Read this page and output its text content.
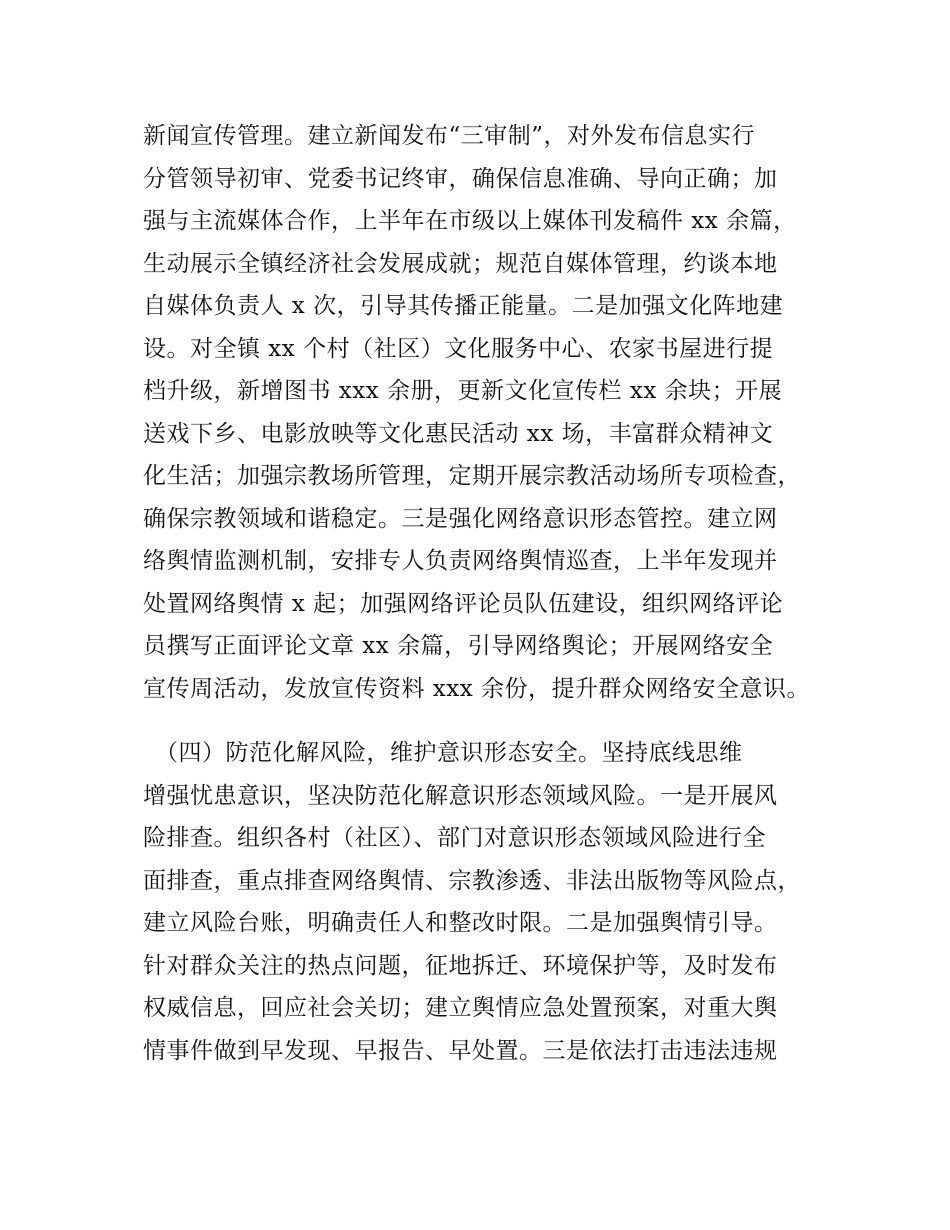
新闻宣传管理。建立新闻发布“三审制”，对外发布信息实行
分管领导初审、党委书记终审，确保信息准确、导向正确；加
强与主流媒体合作，上半年在市级以上媒体刊发稿件 xx 余篇，
生动展示全镇经济社会发展成就；规范自媒体管理，约谈本地
自媒体负责人 x 次，引导其传播正能量。二是加强文化阵地建
设。对全镇 xx 个村（社区）文化服务中心、农家书屋进行提
档升级，新增图书 xxx 余册，更新文化宣传栏 xx 余块；开展
送戏下乡、电影放映等文化惠民活动 xx 场，丰富群众精神文
化生活；加强宗教场所管理，定期开展宗教活动场所专项检查，
确保宗教领域和谐稳定。三是强化网络意识形态管控。建立网
络舆情监测机制，安排专人负责网络舆情巡查，上半年发现并
处置网络舆情 x 起；加强网络评论员队伍建设，组织网络评论
员撰写正面评论文章 xx 余篇，引导网络舆论；开展网络安全
宣传周活动，发放宣传资料 xxx 余份，提升群众网络安全意识。
　（四）防范化解风险，维护意识形态安全。坚持底线思维
增强忧患意识，坚决防范化解意识形态领域风险。一是开展风
险排查。组织各村（社区）、部门对意识形态领域风险进行全
面排查，重点排查网络舆情、宗教渗透、非法出版物等风险点，
建立风险台账，明确责任人和整改时限。二是加强舆情引导。
针对群众关注的热点问题，征地拆迁、环境保护等，及时发布
权威信息，回应社会关切；建立舆情应急处置预案，对重大舆
情事件做到早发现、早报告、早处置。三是依法打击违法违规
